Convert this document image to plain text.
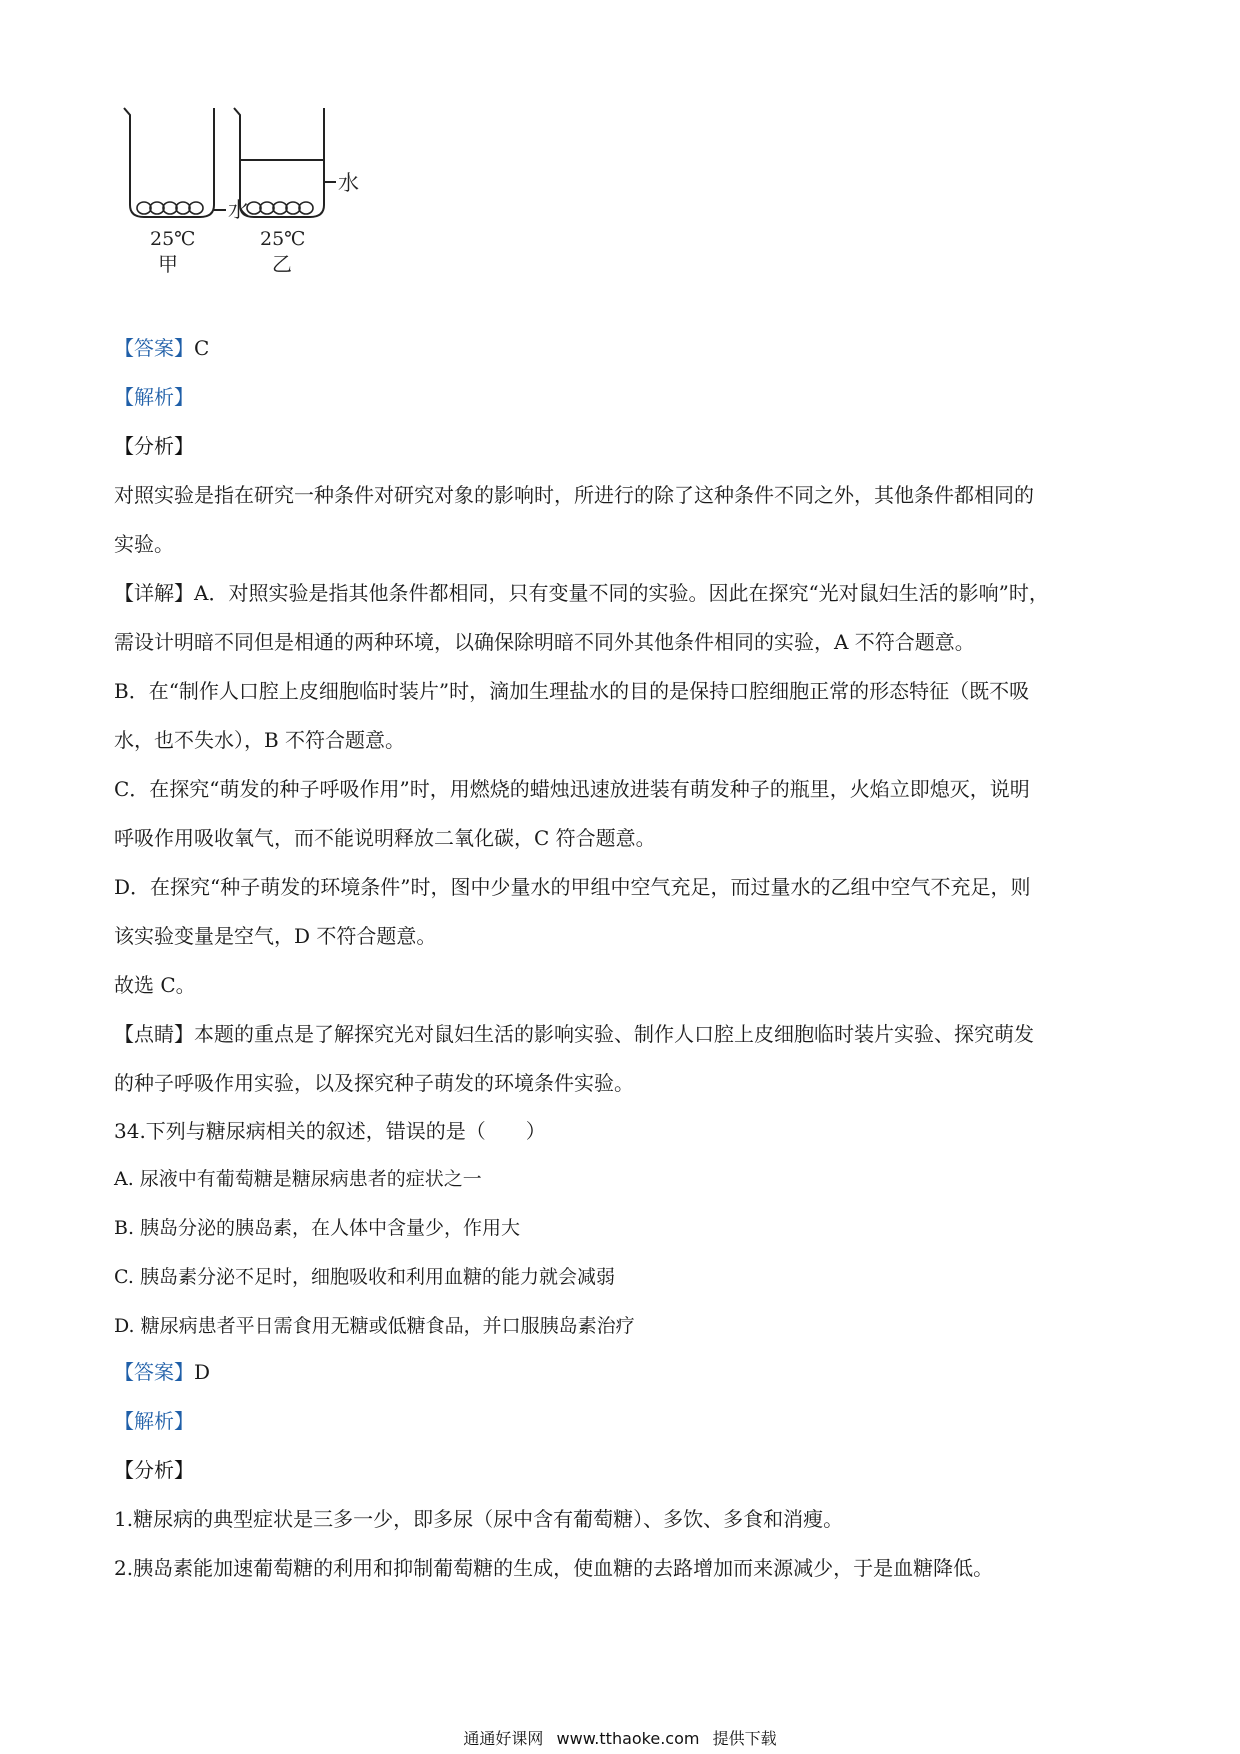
水
25℃
甲
水
25℃
乙
【答案】C
【解析】
【分析】
对照实验是指在研究一种条件对研究对象的影响时，所进行的除了这种条件不同之外，其他条件都相同的
实验。
【详解】A．对照实验是指其他条件都相同，只有变量不同的实验。因此在探究“光对鼠妇生活的影响”时，
需设计明暗不同但是相通的两种环境，以确保除明暗不同外其他条件相同的实验，A 不符合题意。
B．在“制作人口腔上皮细胞临时装片”时，滴加生理盐水的目的是保持口腔细胞正常的形态特征（既不吸
水，也不失水），B 不符合题意。
C．在探究“萌发的种子呼吸作用”时，用燃烧的蜡烛迅速放进装有萌发种子的瓶里，火焰立即熄灭，说明
呼吸作用吸收氧气，而不能说明释放二氧化碳，C 符合题意。
D．在探究“种子萌发的环境条件”时，图中少量水的甲组中空气充足，而过量水的乙组中空气不充足，则
该实验变量是空气，D 不符合题意。
故选 C。
【点睛】本题的重点是了解探究光对鼠妇生活的影响实验、制作人口腔上皮细胞临时装片实验、探究萌发
的种子呼吸作用实验，以及探究种子萌发的环境条件实验。
34.下列与糖尿病相关的叙述，错误的是（　　）
A. 尿液中有葡萄糖是糖尿病患者的症状之一
B. 胰岛分泌的胰岛素，在人体中含量少，作用大
C. 胰岛素分泌不足时，细胞吸收和利用血糖的能力就会减弱
D. 糖尿病患者平日需食用无糖或低糖食品，并口服胰岛素治疗
【答案】D
【解析】
【分析】
1.糖尿病的典型症状是三多一少，即多尿（尿中含有葡萄糖）、多饮、多食和消瘦。
2.胰岛素能加速葡萄糖的利用和抑制葡萄糖的生成，使血糖的去路增加而来源减少，于是血糖降低。
通通好课网 www.tthaoke.com 提供下载
